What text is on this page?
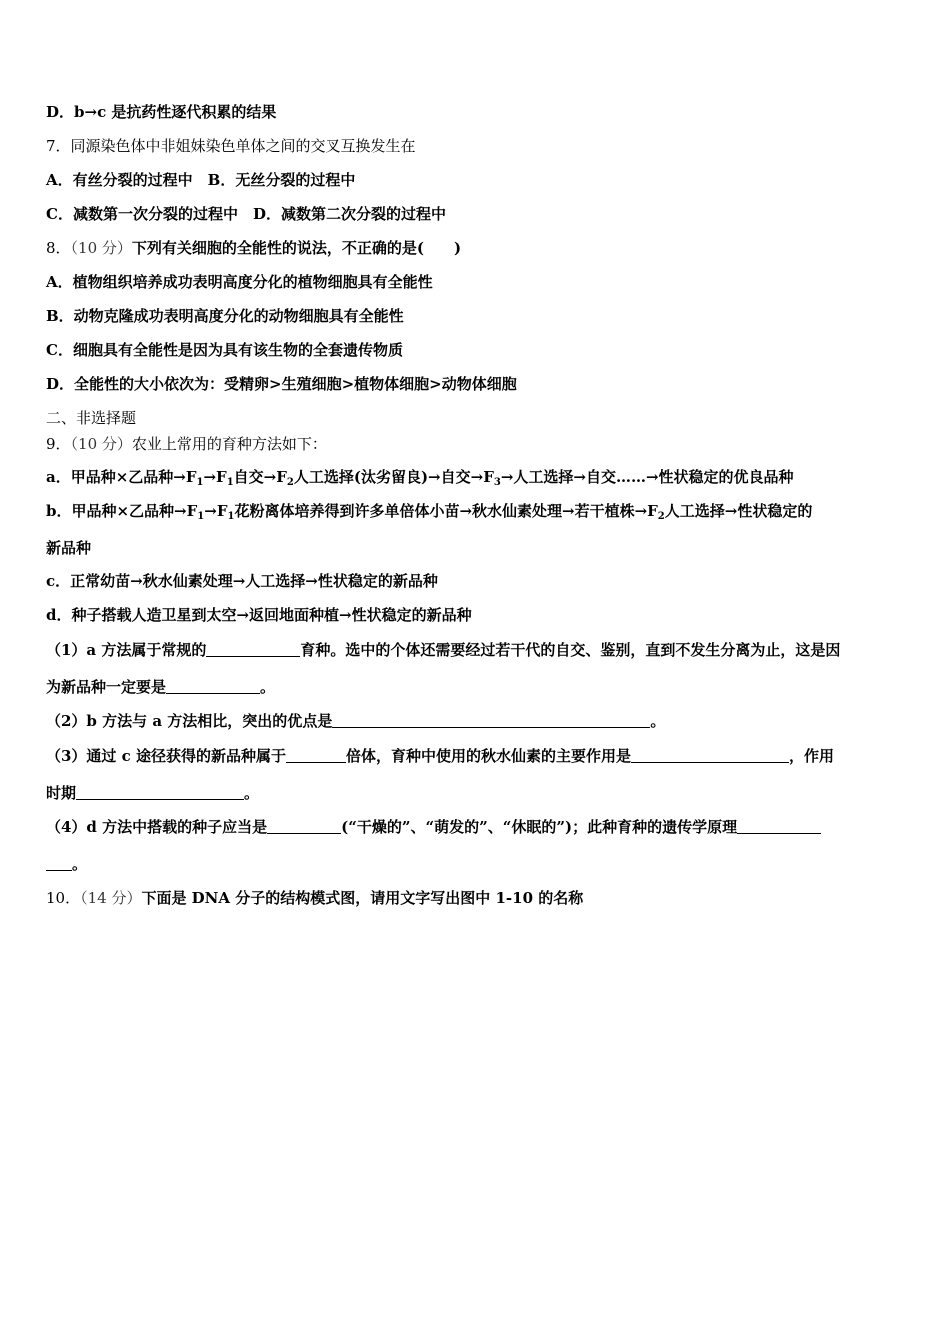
D．b→c 是抗药性逐代积累的结果
7．同源染色体中非姐妹染色单体之间的交叉互换发生在
A．有丝分裂的过程中　B．无丝分裂的过程中
C．减数第一次分裂的过程中　D．减数第二次分裂的过程中
8．（10 分）下列有关细胞的全能性的说法，不正确的是(　　)
A．植物组织培养成功表明高度分化的植物细胞具有全能性
B．动物克隆成功表明高度分化的动物细胞具有全能性
C．细胞具有全能性是因为具有该生物的全套遗传物质
D．全能性的大小依次为：受精卵>生殖细胞>植物体细胞>动物体细胞
二、非选择题
9．（10 分）农业上常用的育种方法如下：
a．甲品种×乙品种$\to F_1\to F_1$自交$\to F_2$人工选择(汰劣留良)→自交$\to F_3\to$人工选择→自交……→性状稳定的优良品种
b．甲品种×乙品种$\to F_1\to F_1$花粉离体培养得到许多单倍体小苗→秋水仙素处理→若干植株$\to F_2$人工选择→性状稳定的
新品种
c．正常幼苗→秋水仙素处理→人工选择→性状稳定的新品种
d．种子搭载人造卫星到太空→返回地面种植→性状稳定的新品种
（1）a 方法属于常规的	育种。选中的个体还需要经过若干代的自交、鉴别，直到不发生分离为止，这是因
为新品种一定要是	。
（2）b 方法与 a 方法相比，突出的优点是	。
（3）通过 c 途径获得的新品种属于	倍体，育种中使用的秋水仙素的主要作用是	，作用
时期	。
（4）d 方法中搭载的种子应当是	(“干燥的”、“萌发的”、“休眠的”)；此种育种的遗传学原理
。
10．（14 分）下面是 DNA 分子的结构模式图，请用文字写出图中 1-10 的名称
